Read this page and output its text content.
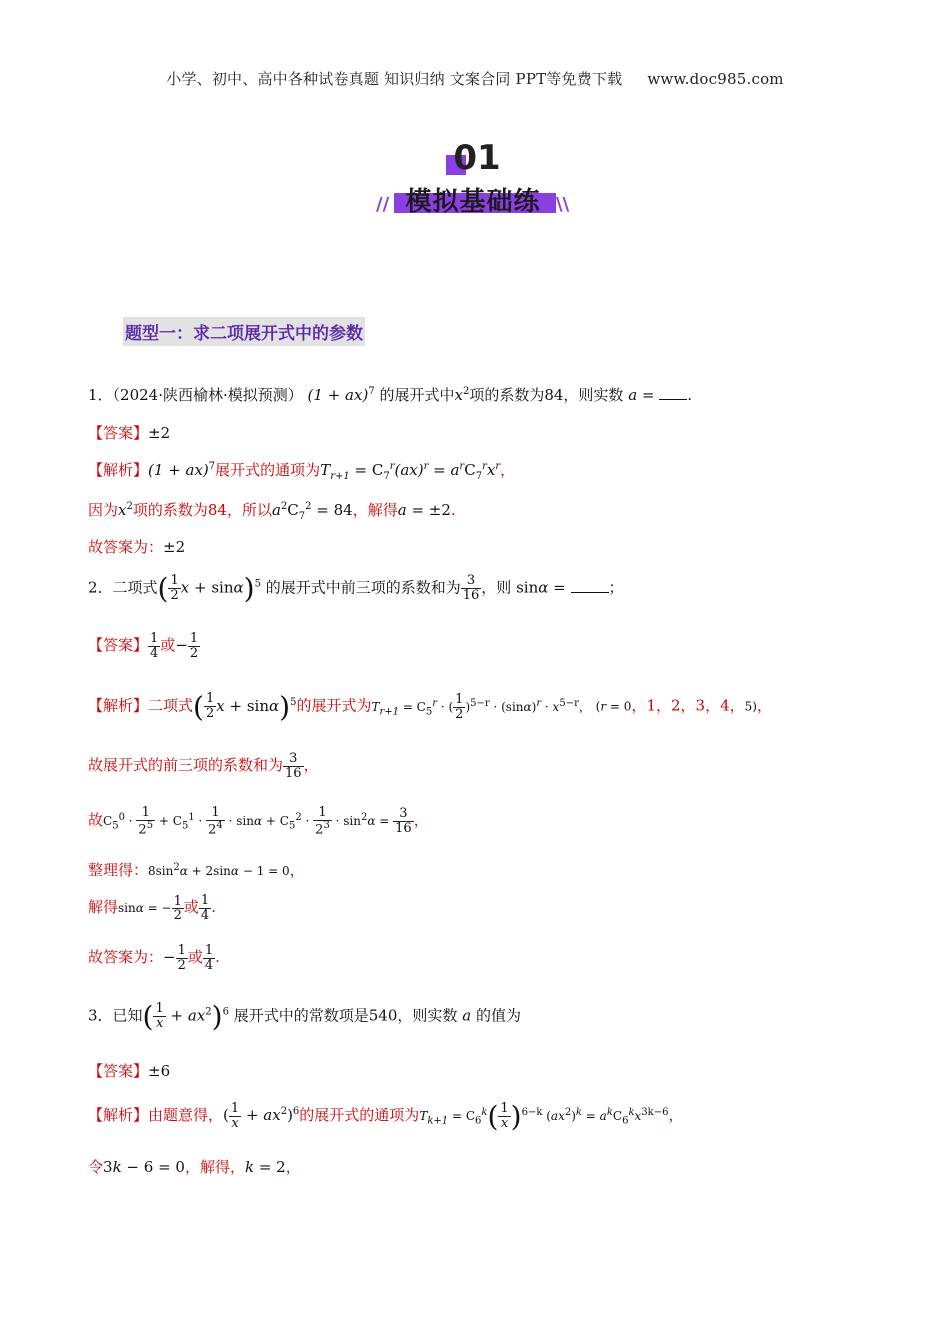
小学、初中、高中各种试卷真题 知识归纳 文案合同 PPT等免费下载 www.doc985.com
01
模拟基础练
//	\\
题型一：求二项展开式中的参数
1．（2024·陕西榆林·模拟预测） (1 + ax)$^7$ 的展开式中$x^2$项的系数为84，则实数 a = .
【答案】±2
【解析】(1 + ax)$^7$展开式的通项为$T_{r+1} = C_7^r(ax)^r = a^rC_7^rx^r$，
因为$x^2$项的系数为84，所以$a^2C_7^2 = 84$，解得a = ±2.
故答案为：±2
2．二项式( $\frac{1}{2}$ x + sinα)$^5$ 的展开式中前三项的系数和为 $\frac{3}{16}$ ，则 sinα =	；
【答案】 $\frac{1}{4}$ 或− $\frac{1}{2}$
【解析】二项式( $\frac{1}{2}$ x + sinα)$^5$的展开式为$T_{r+1} = C_5^r$ · ( $\frac{1}{2} )^{5-r} \cdot (\sin\alpha)^r \cdot x^{5-r}$， (r = 0，1，2，3，4，5)，
故展开式的前三项的系数和为 $\frac{3}{16}$ ，
故$C_5^0 \cdot \frac{1}{2^5} + C_5^1 \cdot \frac{1}{2^4} \cdot \sin\alpha + C_5^2 \cdot \frac{1}{2^3} \cdot \sin^2\alpha = \frac{3}{16}$ ，
整理得：$8\sin^2\alpha + 2\sin\alpha - 1 = 0$，
解得sinα = − $\frac{1}{2}$ 或 $\frac{1}{4}$ .
故答案为：− $\frac{1}{2}$ 或 $\frac{1}{4}$ .
3．已知( $\frac{1}{x} + ax^2)^6$ 展开式中的常数项是540，则实数 a 的值为
【答案】±6
【解析】由题意得，( $\frac{1}{x} + ax^2)^6$的展开式的通项为$T_{k+1} = C_6^k( \frac{1}{x} )^{6-k}$ $(ax^2)^k = a^kC_6^kx^{3k-6}$，
令3k − 6 = 0，解得，k = 2，
